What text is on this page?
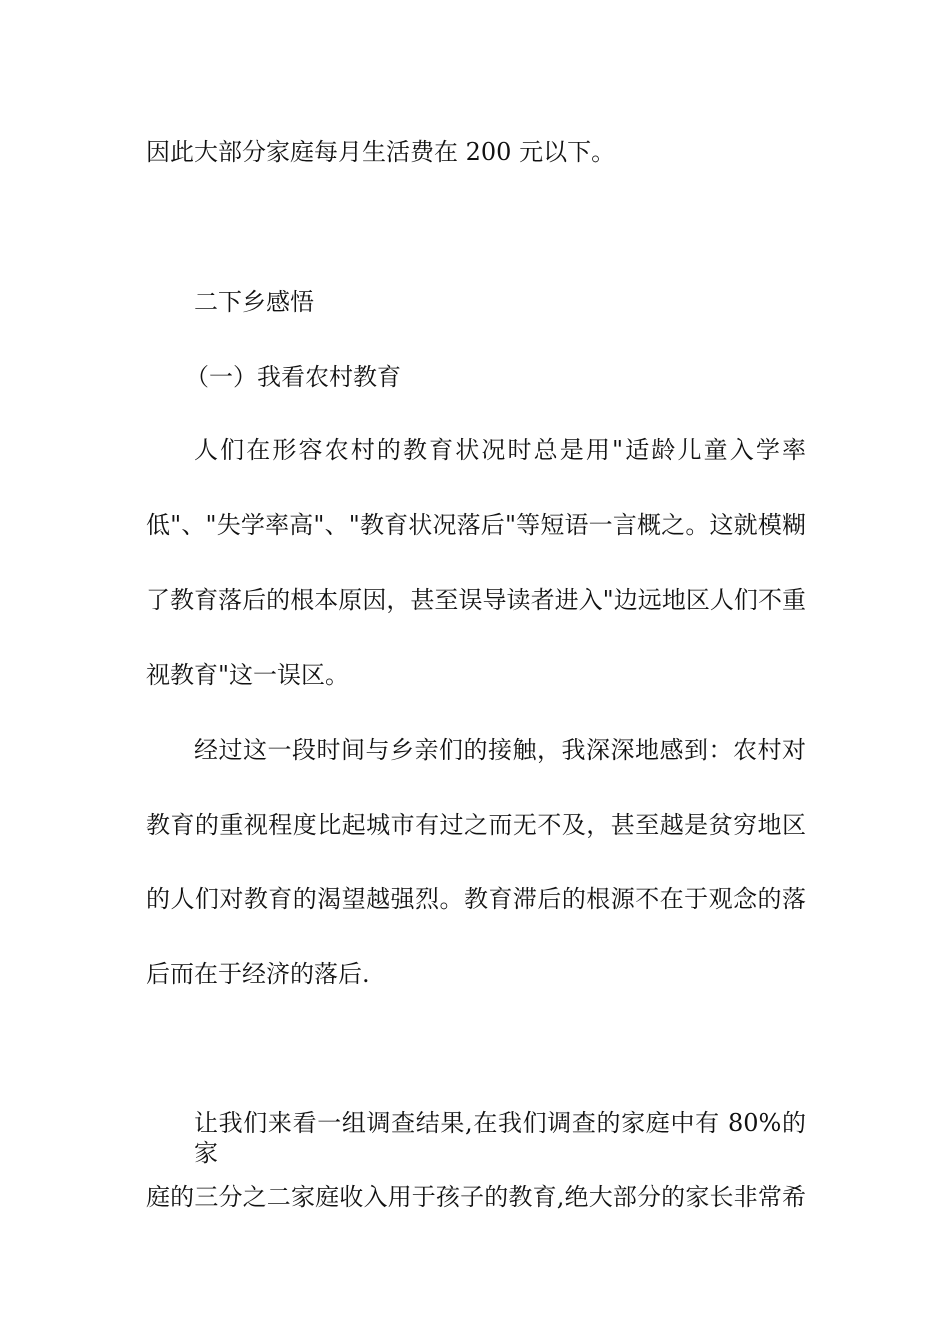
因此大部分家庭每月生活费在 200 元以下。
二下乡感悟
（一）我看农村教育
人们在形容农村的教育状况时总是用"适龄儿童入学率
低"、"失学率高"、"教育状况落后"等短语一言概之。这就模糊
了教育落后的根本原因，甚至误导读者进入"边远地区人们不重
视教育"这一误区。
经过这一段时间与乡亲们的接触，我深深地感到：农村对
教育的重视程度比起城市有过之而无不及，甚至越是贫穷地区
的人们对教育的渴望越强烈。教育滞后的根源不在于观念的落
后而在于经济的落后.
让我们来看一组调查结果,在我们调查的家庭中有 80%的家
庭的三分之二家庭收入用于孩子的教育,绝大部分的家长非常希
